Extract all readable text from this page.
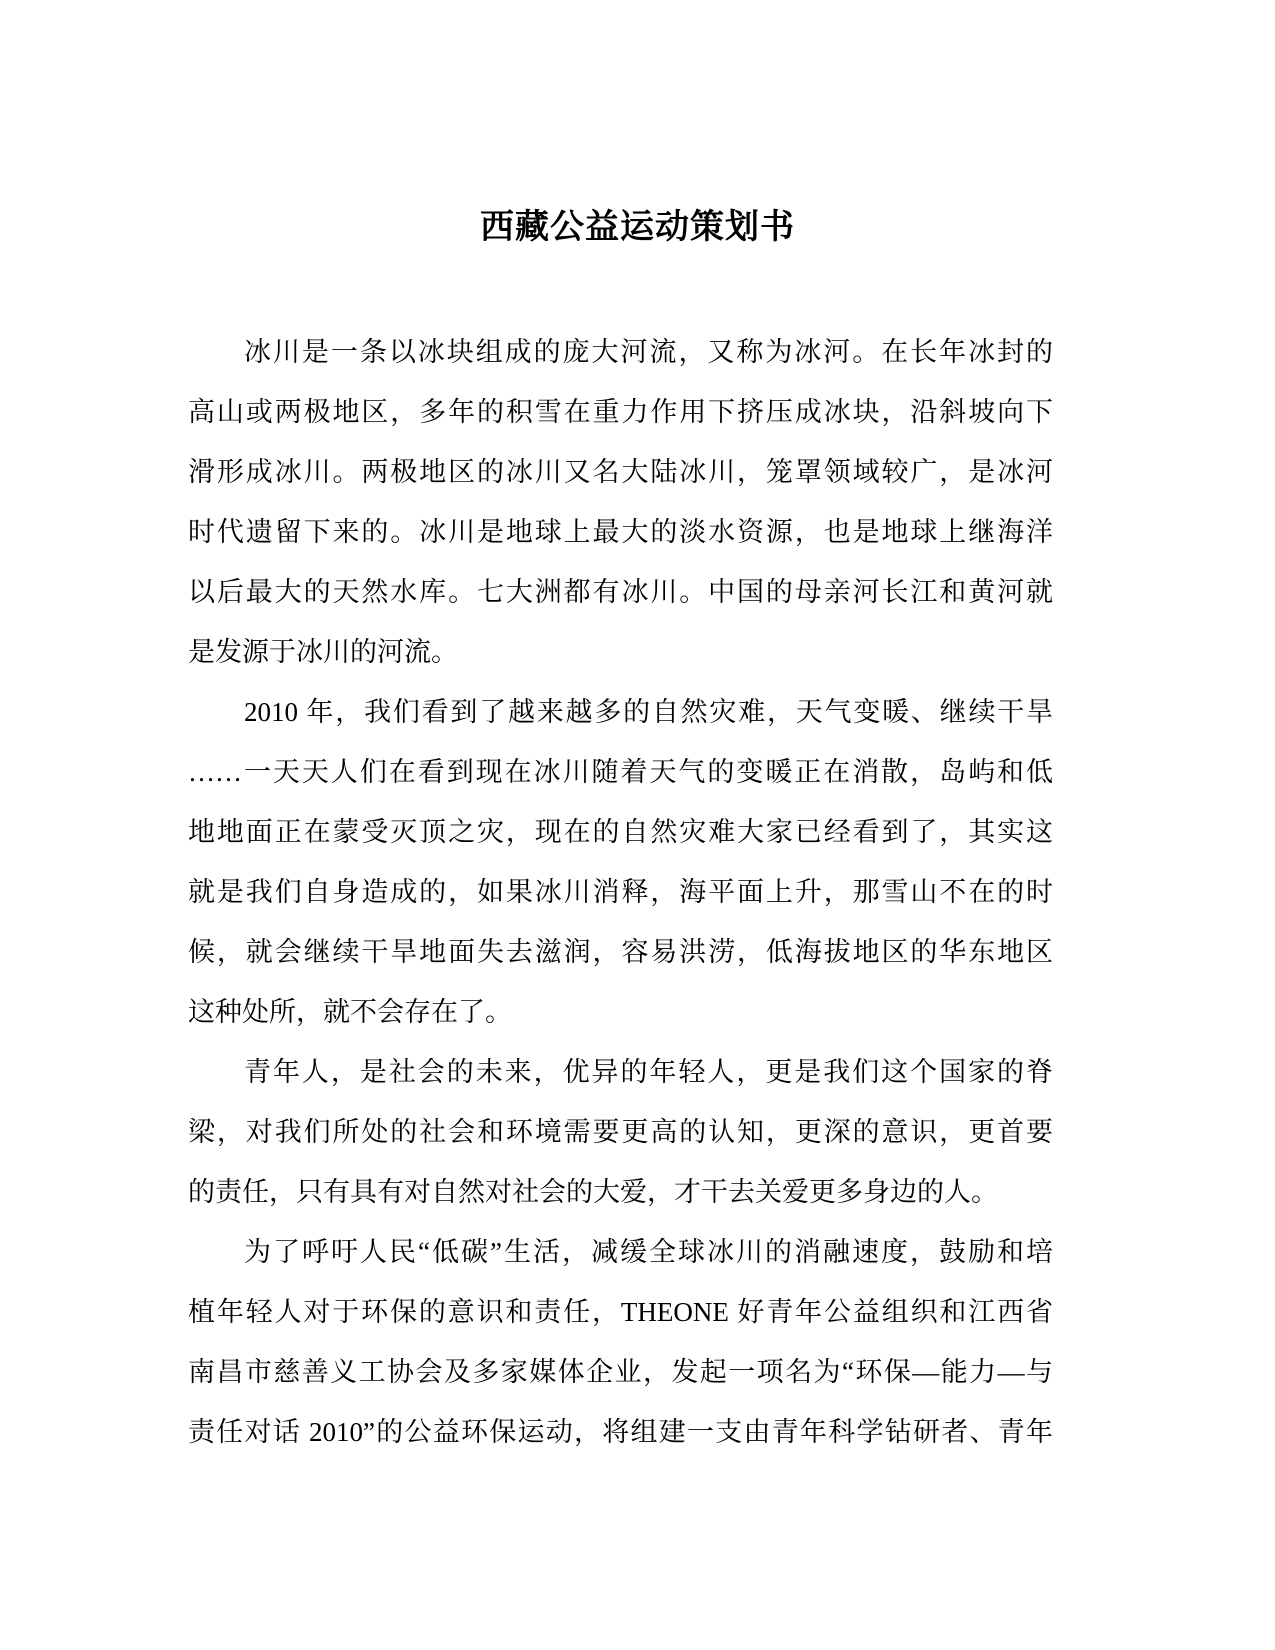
西藏公益运动策划书
冰川是一条以冰块组成的庞大河流，又称为冰河。在长年冰封的
高山或两极地区，多年的积雪在重力作用下挤压成冰块，沿斜坡向下
滑形成冰川。两极地区的冰川又名大陆冰川，笼罩领域较广，是冰河
时代遗留下来的。冰川是地球上最大的淡水资源，也是地球上继海洋
以后最大的天然水库。七大洲都有冰川。中国的母亲河长江和黄河就
是发源于冰川的河流。
2010 年，我们看到了越来越多的自然灾难，天气变暖、继续干旱
……一天天人们在看到现在冰川随着天气的变暖正在消散，岛屿和低
地地面正在蒙受灭顶之灾，现在的自然灾难大家已经看到了，其实这
就是我们自身造成的，如果冰川消释，海平面上升，那雪山不在的时
候，就会继续干旱地面失去滋润，容易洪涝，低海拔地区的华东地区
这种处所，就不会存在了。
青年人，是社会的未来，优异的年轻人，更是我们这个国家的脊
梁，对我们所处的社会和环境需要更高的认知，更深的意识，更首要
的责任，只有具有对自然对社会的大爱，才干去关爱更多身边的人。
为了呼吁人民“低碳”生活，减缓全球冰川的消融速度，鼓励和培
植年轻人对于环保的意识和责任，THEONE 好青年公益组织和江西省
南昌市慈善义工协会及多家媒体企业，发起一项名为“环保—能力—与
责任对话 2010”的公益环保运动，将组建一支由青年科学钻研者、青年
